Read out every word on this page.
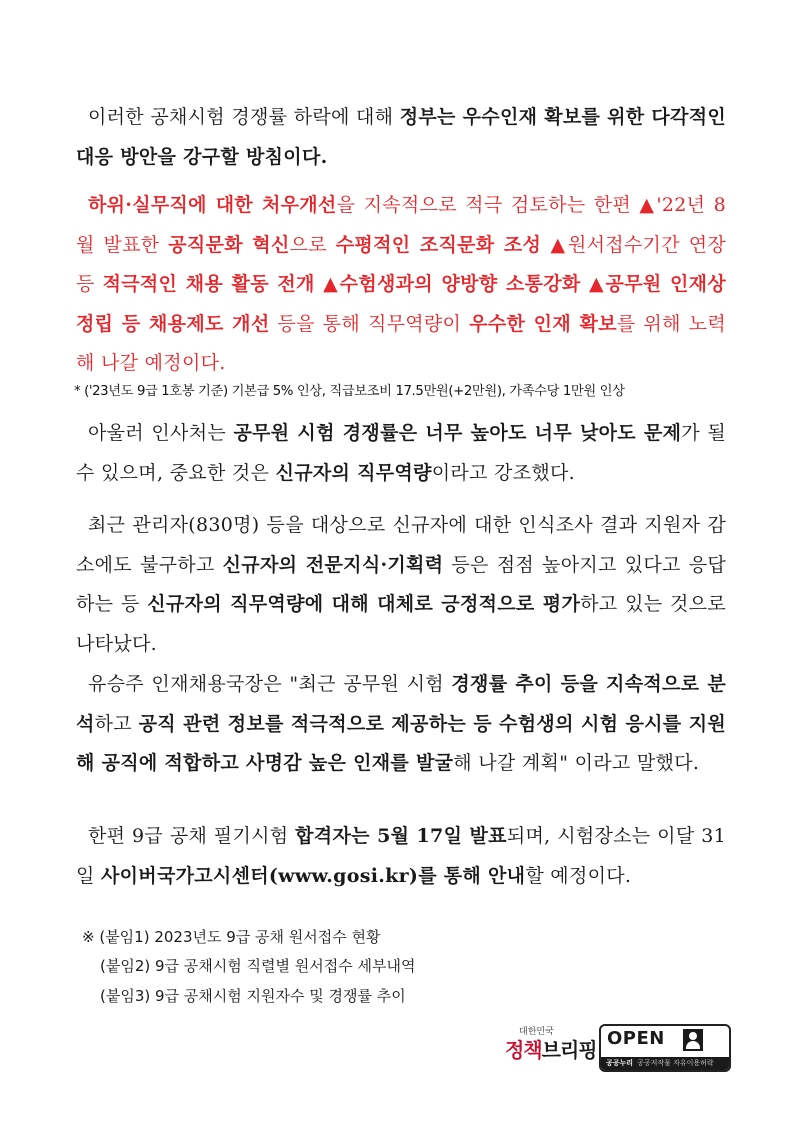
이러한 공채시험 경쟁률 하락에 대해 정부는 우수인재 확보를 위한 다각적인 대응 방안을 강구할 방침이다.

하위·실무직에 대한 처우개선을 지속적으로 적극 검토하는 한편 ▲'22년 8월 발표한 공직문화 혁신으로 수평적인 조직문화 조성 ▲원서접수기간 연장 등 적극적인 채용 활동 전개 ▲수험생과의 양방향 소통강화 ▲공무원 인재상 정립 등 채용제도 개선 등을 통해 직무역량이 우수한 인재 확보를 위해 노력해 나갈 예정이다.

* ('23년도 9급 1호봉 기준) 기본급 5% 인상, 직급보조비 17.5만원(+2만원), 가족수당 1만원 인상

아울러 인사처는 공무원 시험 경쟁률은 너무 높아도 너무 낮아도 문제가 될 수 있으며, 중요한 것은 신규자의 직무역량이라고 강조했다.

최근 관리자(830명) 등을 대상으로 신규자에 대한 인식조사 결과 지원자 감소에도 불구하고 신규자의 전문지식·기획력 등은 점점 높아지고 있다고 응답하는 등 신규자의 직무역량에 대해 대체로 긍정적으로 평가하고 있는 것으로 나타났다.

유승주 인재채용국장은 "최근 공무원 시험 경쟁률 추이 등을 지속적으로 분석하고 공직 관련 정보를 적극적으로 제공하는 등 수험생의 시험 응시를 지원해 공직에 적합하고 사명감 높은 인재를 발굴해 나갈 계획" 이라고 말했다.

한편 9급 공채 필기시험 합격자는 5월 17일 발표되며, 시험장소는 이달 31일 사이버국가고시센터(www.gosi.kr)를 통해 안내할 예정이다.

※ (붙임1) 2023년도 9급 공채 원서접수 현황
(붙임2) 9급 공채시험 직렬별 원서접수 세부내역
(붙임3) 9급 공채시험 지원자수 및 경쟁률 추이
대한민국
정책브리핑 OPEN
공공누리 공공저작물 자유이용허락
